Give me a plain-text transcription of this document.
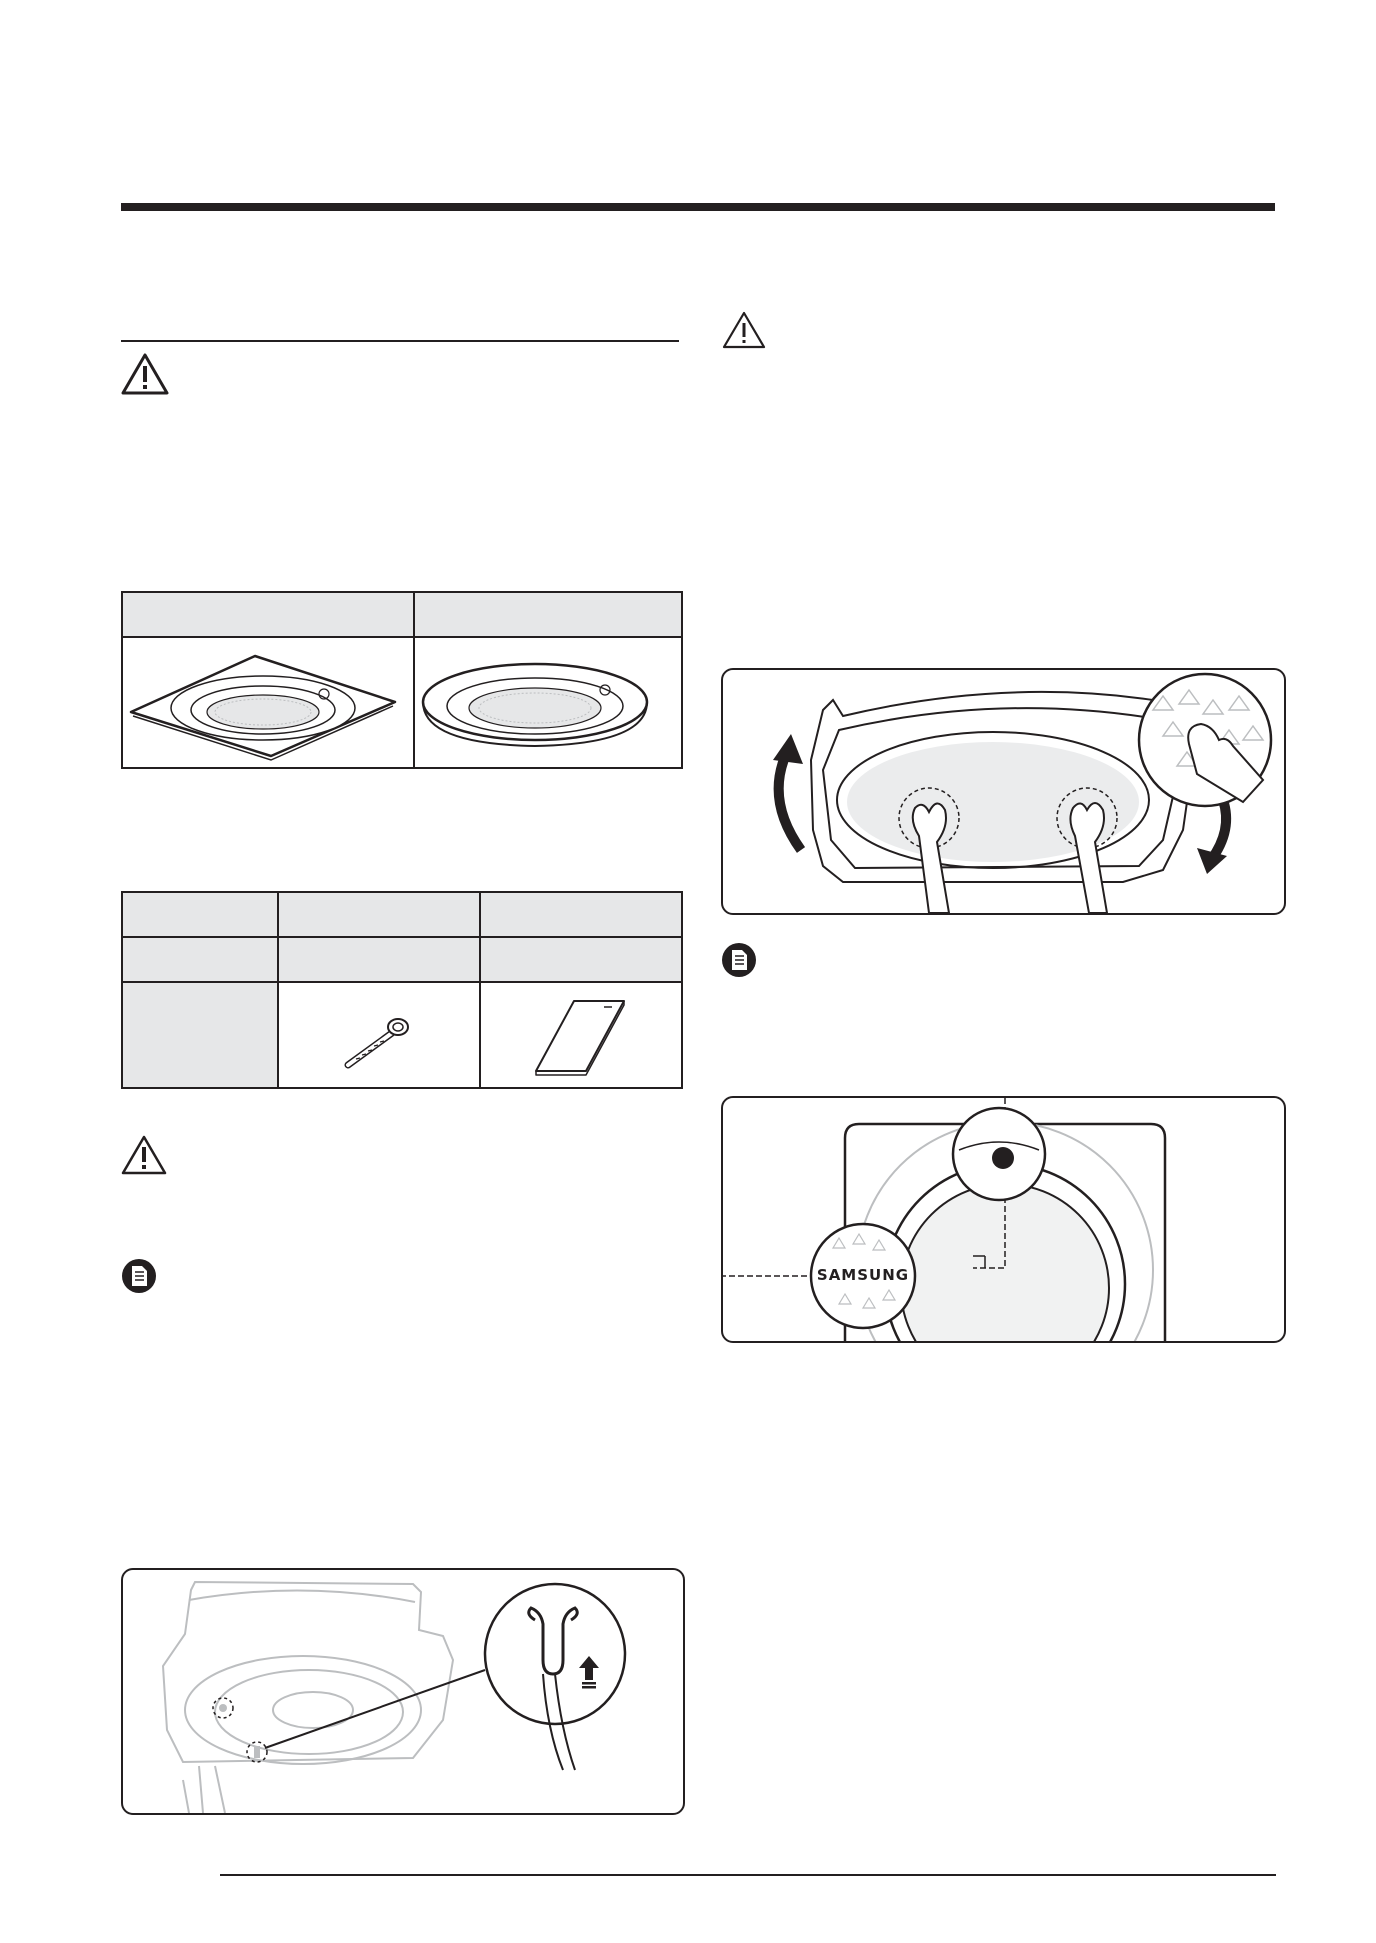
SAMSUNG
